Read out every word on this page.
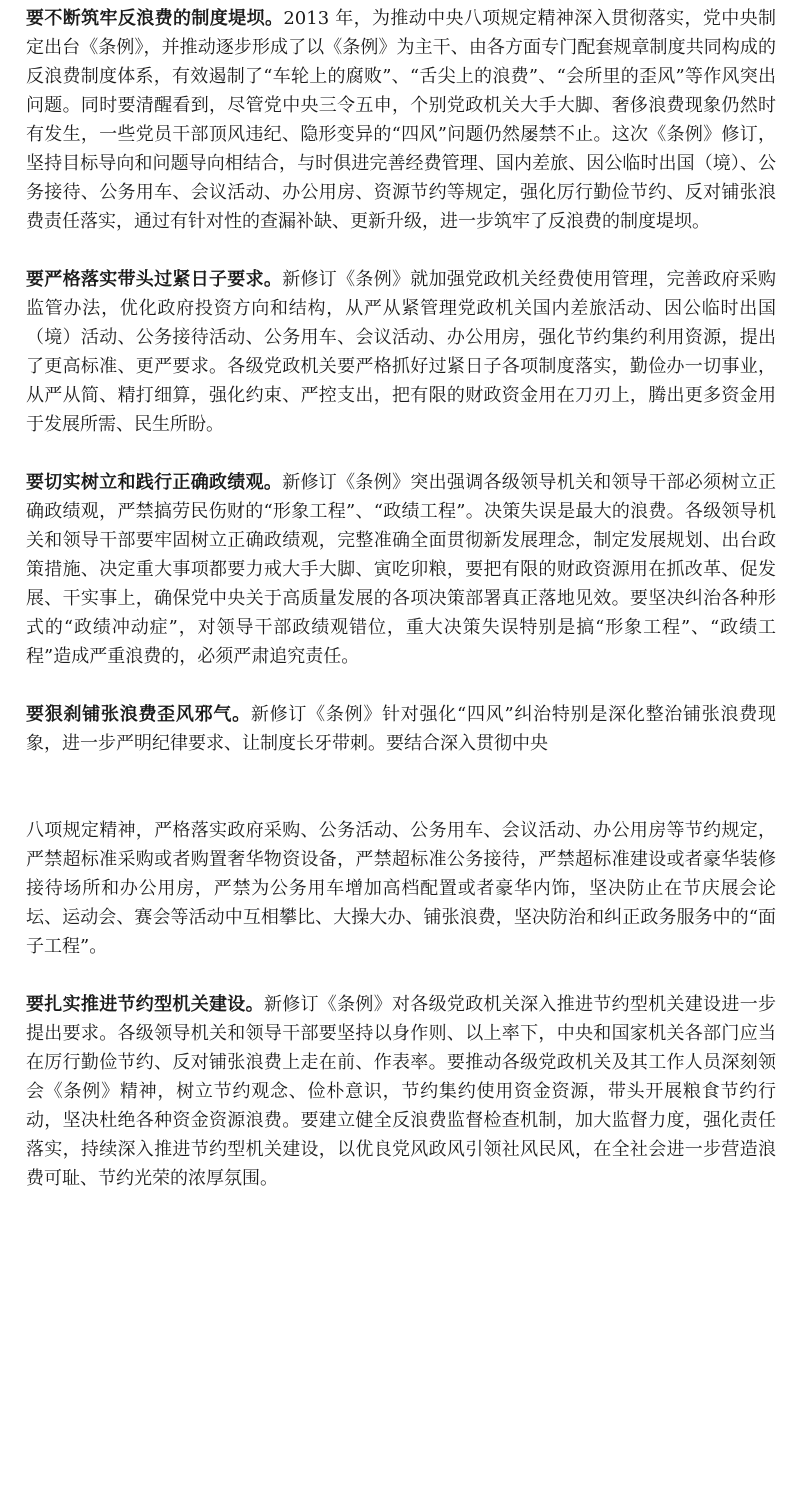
要不断筑牢反浪费的制度堤坝。2013 年，为推动中央八项规定精神深入贯彻落实，党中央制定出台《条例》，并推动逐步形成了以《条例》为主干、由各方面专门配套规章制度共同构成的反浪费制度体系，有效遏制了“车轮上的腐败”、“舌尖上的浪费”、“会所里的歪风”等作风突出问题。同时要清醒看到，尽管党中央三令五申，个别党政机关大手大脚、奢侈浪费现象仍然时有发生，一些党员干部顶风违纪、隐形变异的“四风”问题仍然屡禁不止。这次《条例》修订，坚持目标导向和问题导向相结合，与时俱进完善经费管理、国内差旅、因公临时出国（境）、公务接待、公务用车、会议活动、办公用房、资源节约等规定，强化厉行勤俭节约、反对铺张浪费责任落实，通过有针对性的查漏补缺、更新升级，进一步筑牢了反浪费的制度堤坝。

要严格落实带头过紧日子要求。新修订《条例》就加强党政机关经费使用管理，完善政府采购监管办法，优化政府投资方向和结构，从严从紧管理党政机关国内差旅活动、因公临时出国（境）活动、公务接待活动、公务用车、会议活动、办公用房，强化节约集约利用资源，提出了更高标准、更严要求。各级党政机关要严格抓好过紧日子各项制度落实，勤俭办一切事业，从严从简、精打细算，强化约束、严控支出，把有限的财政资金用在刀刃上，腾出更多资金用于发展所需、民生所盼。

要切实树立和践行正确政绩观。新修订《条例》突出强调各级领导机关和领导干部必须树立正确政绩观，严禁搞劳民伤财的“形象工程”、“政绩工程”。决策失误是最大的浪费。各级领导机关和领导干部要牢固树立正确政绩观，完整准确全面贯彻新发展理念，制定发展规划、出台政策措施、决定重大事项都要力戒大手大脚、寅吃卯粮，要把有限的财政资源用在抓改革、促发展、干实事上，确保党中央关于高质量发展的各项决策部署真正落地见效。要坚决纠治各种形式的“政绩冲动症”，对领导干部政绩观错位，重大决策失误特别是搞“形象工程”、“政绩工程”造成严重浪费的，必须严肃追究责任。

要狠刹铺张浪费歪风邪气。新修订《条例》针对强化“四风”纠治特别是深化整治铺张浪费现象，进一步严明纪律要求、让制度长牙带刺。要结合深入贯彻中央

八项规定精神，严格落实政府采购、公务活动、公务用车、会议活动、办公用房等节约规定，严禁超标准采购或者购置奢华物资设备，严禁超标准公务接待，严禁超标准建设或者豪华装修接待场所和办公用房，严禁为公务用车增加高档配置或者豪华内饰，坚决防止在节庆展会论坛、运动会、赛会等活动中互相攀比、大操大办、铺张浪费，坚决防治和纠正政务服务中的“面子工程”。

要扎实推进节约型机关建设。新修订《条例》对各级党政机关深入推进节约型机关建设进一步提出要求。各级领导机关和领导干部要坚持以身作则、以上率下，中央和国家机关各部门应当在厉行勤俭节约、反对铺张浪费上走在前、作表率。要推动各级党政机关及其工作人员深刻领会《条例》精神，树立节约观念、俭朴意识，节约集约使用资金资源，带头开展粮食节约行动，坚决杜绝各种资金资源浪费。要建立健全反浪费监督检查机制，加大监督力度，强化责任落实，持续深入推进节约型机关建设，以优良党风政风引领社风民风，在全社会进一步营造浪费可耻、节约光荣的浓厚氛围。
